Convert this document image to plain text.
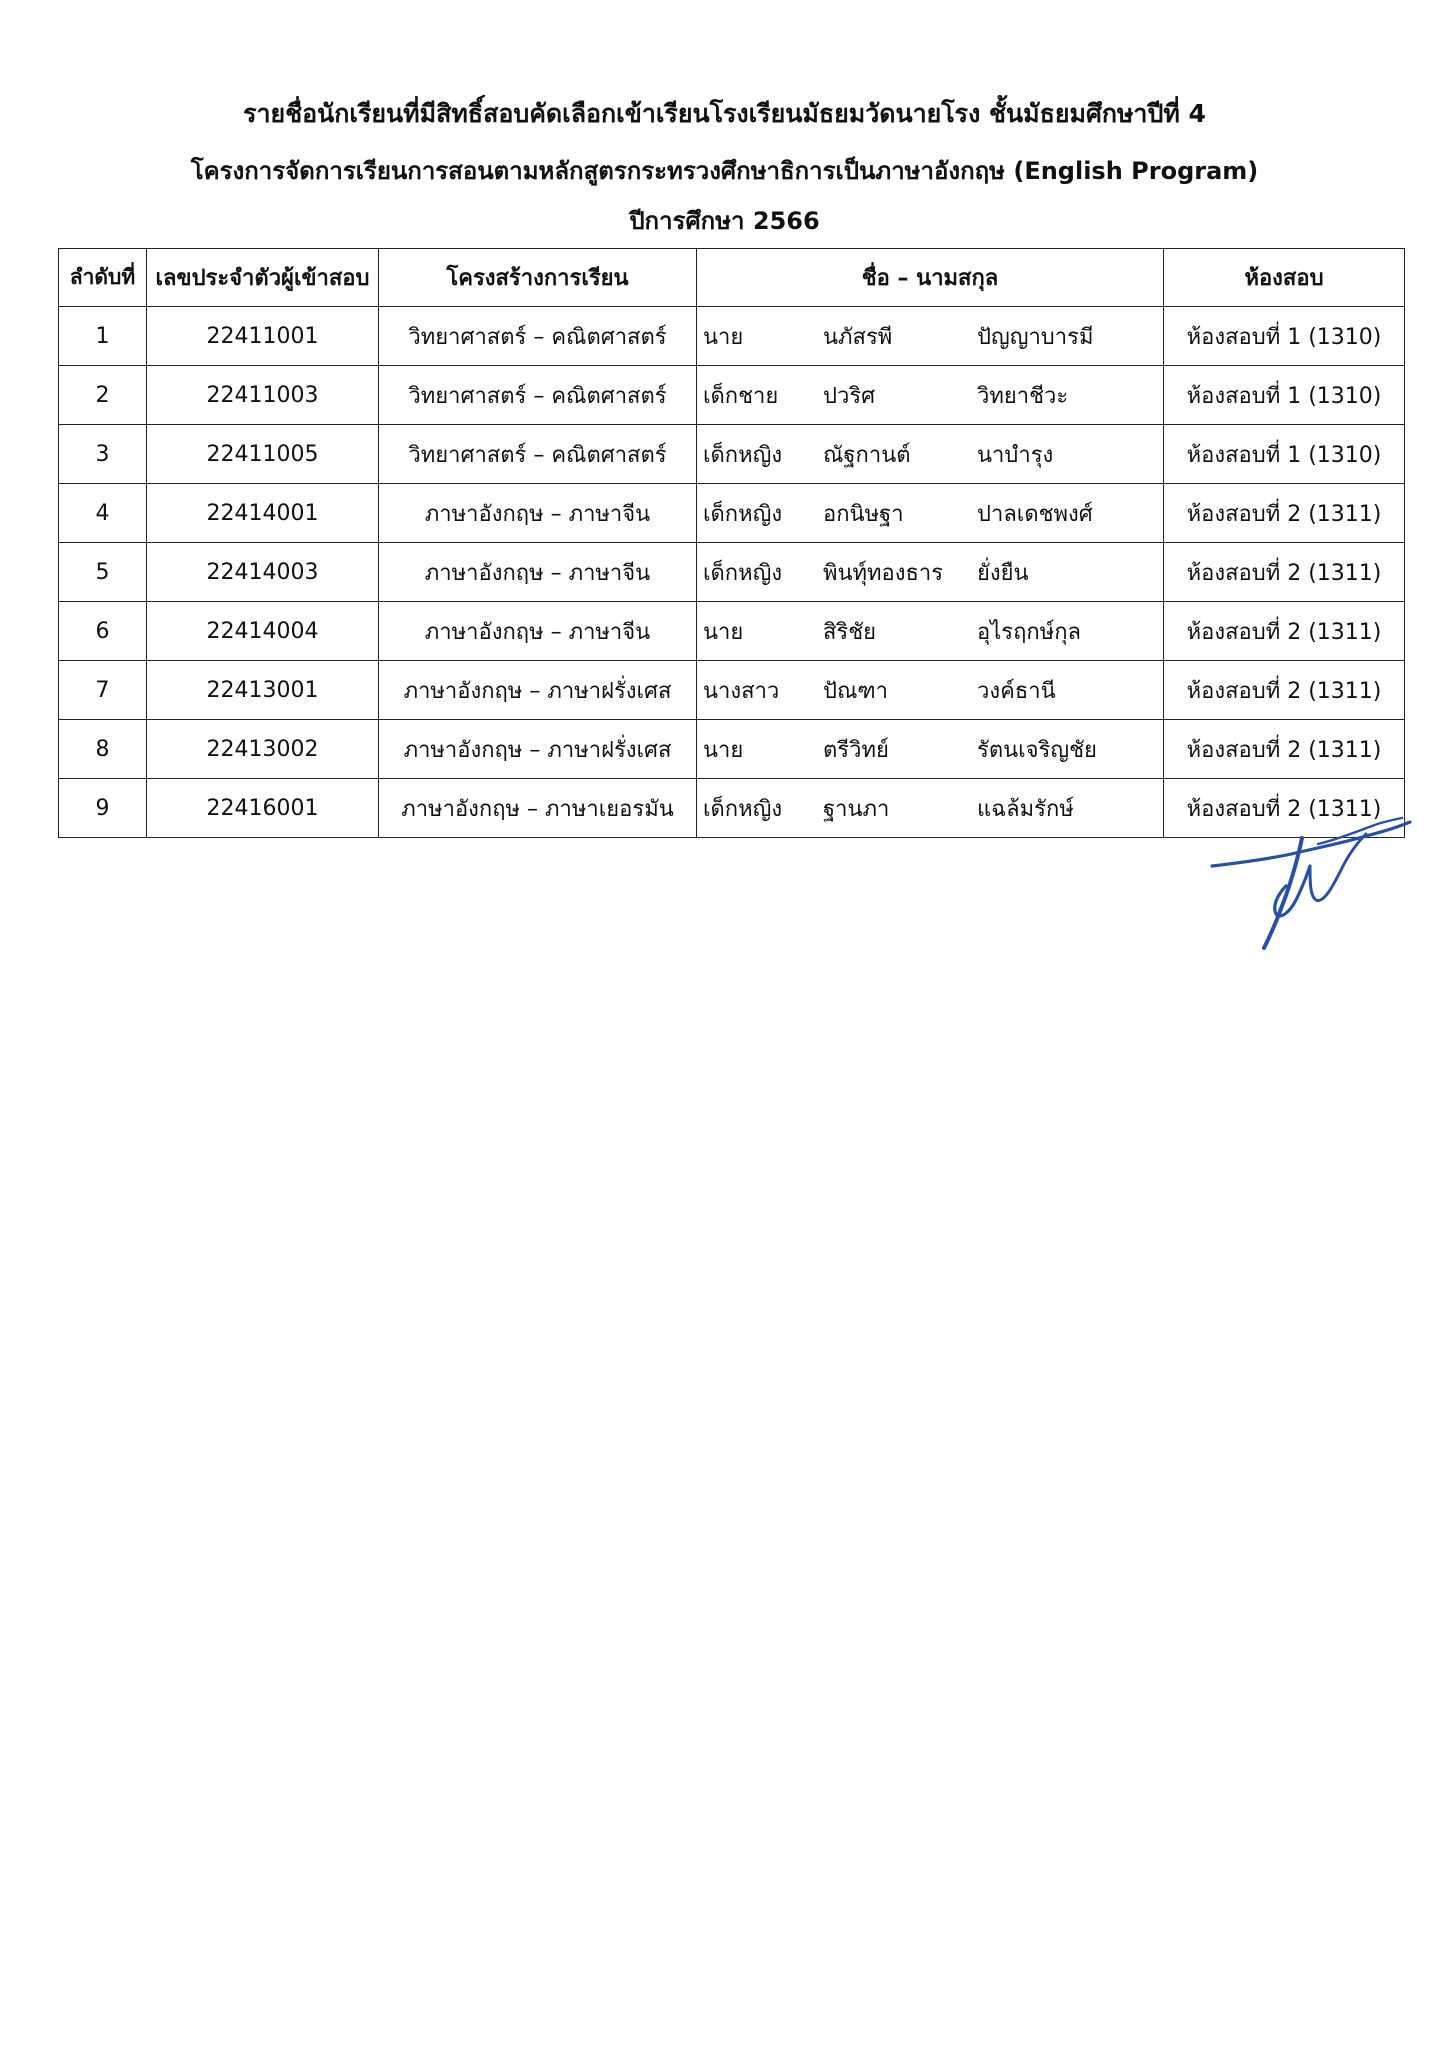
รายชื่อนักเรียนที่มีสิทธิ์สอบคัดเลือกเข้าเรียนโรงเรียนมัธยมวัดนายโรง ชั้นมัธยมศึกษาปีที่ 4
โครงการจัดการเรียนการสอนตามหลักสูตรกระทรวงศึกษาธิการเป็นภาษาอังกฤษ (English Program)
ปีการศึกษา 2566
ลำดับที่	เลขประจำตัวผู้เข้าสอบ	โครงสร้างการเรียน	ชื่อ – นามสกุล	ห้องสอบ
1	22411001	วิทยาศาสตร์ – คณิตศาสตร์	นาย นภัสรพี ปัญญาบารมี	ห้องสอบที่ 1 (1310)
2	22411003	วิทยาศาสตร์ – คณิตศาสตร์	เด็กชาย ปวริศ วิทยาชีวะ	ห้องสอบที่ 1 (1310)
3	22411005	วิทยาศาสตร์ – คณิตศาสตร์	เด็กหญิง ณัฐกานต์ นาบำรุง	ห้องสอบที่ 1 (1310)
4	22414001	ภาษาอังกฤษ – ภาษาจีน	เด็กหญิง อกนิษฐา ปาลเดชพงศ์	ห้องสอบที่ 2 (1311)
5	22414003	ภาษาอังกฤษ – ภาษาจีน	เด็กหญิง พินทุ์ทองธาร ยั่งยืน	ห้องสอบที่ 2 (1311)
6	22414004	ภาษาอังกฤษ – ภาษาจีน	นาย สิริชัย อุไรฤกษ์กุล	ห้องสอบที่ 2 (1311)
7	22413001	ภาษาอังกฤษ – ภาษาฝรั่งเศส	นางสาว ปัณฑา วงค์ธานี	ห้องสอบที่ 2 (1311)
8	22413002	ภาษาอังกฤษ – ภาษาฝรั่งเศส	นาย ตรีวิทย์ รัตนเจริญชัย	ห้องสอบที่ 2 (1311)
9	22416001	ภาษาอังกฤษ – ภาษาเยอรมัน	เด็กหญิง ฐานภา แฉล้มรักษ์	ห้องสอบที่ 2 (1311)
